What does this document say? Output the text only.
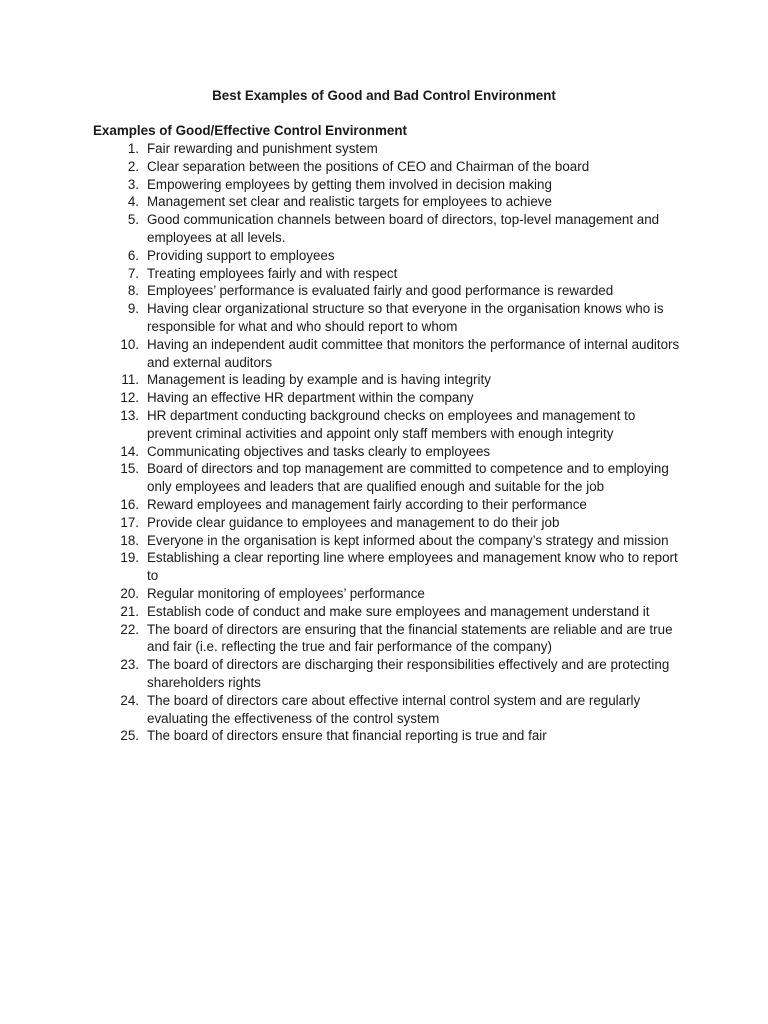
Best Examples of Good and Bad Control Environment
Examples of Good/Effective Control Environment
1. Fair rewarding and punishment system
2. Clear separation between the positions of CEO and Chairman of the board
3. Empowering employees by getting them involved in decision making
4. Management set clear and realistic targets for employees to achieve
5. Good communication channels between board of directors, top-level management and employees at all levels.
6. Providing support to employees
7. Treating employees fairly and with respect
8. Employees’ performance is evaluated fairly and good performance is rewarded
9. Having clear organizational structure so that everyone in the organisation knows who is responsible for what and who should report to whom
10. Having an independent audit committee that monitors the performance of internal auditors and external auditors
11. Management is leading by example and is having integrity
12. Having an effective HR department within the company
13. HR department conducting background checks on employees and management to prevent criminal activities and appoint only staff members with enough integrity
14. Communicating objectives and tasks clearly to employees
15. Board of directors and top management are committed to competence and to employing only employees and leaders that are qualified enough and suitable for the job
16. Reward employees and management fairly according to their performance
17. Provide clear guidance to employees and management to do their job
18. Everyone in the organisation is kept informed about the company’s strategy and mission
19. Establishing a clear reporting line where employees and management know who to report to
20. Regular monitoring of employees’ performance
21. Establish code of conduct and make sure employees and management understand it
22. The board of directors are ensuring that the financial statements are reliable and are true and fair (i.e. reflecting the true and fair performance of the company)
23. The board of directors are discharging their responsibilities effectively and are protecting shareholders rights
24. The board of directors care about effective internal control system and are regularly evaluating the effectiveness of the control system
25. The board of directors ensure that financial reporting is true and fair
